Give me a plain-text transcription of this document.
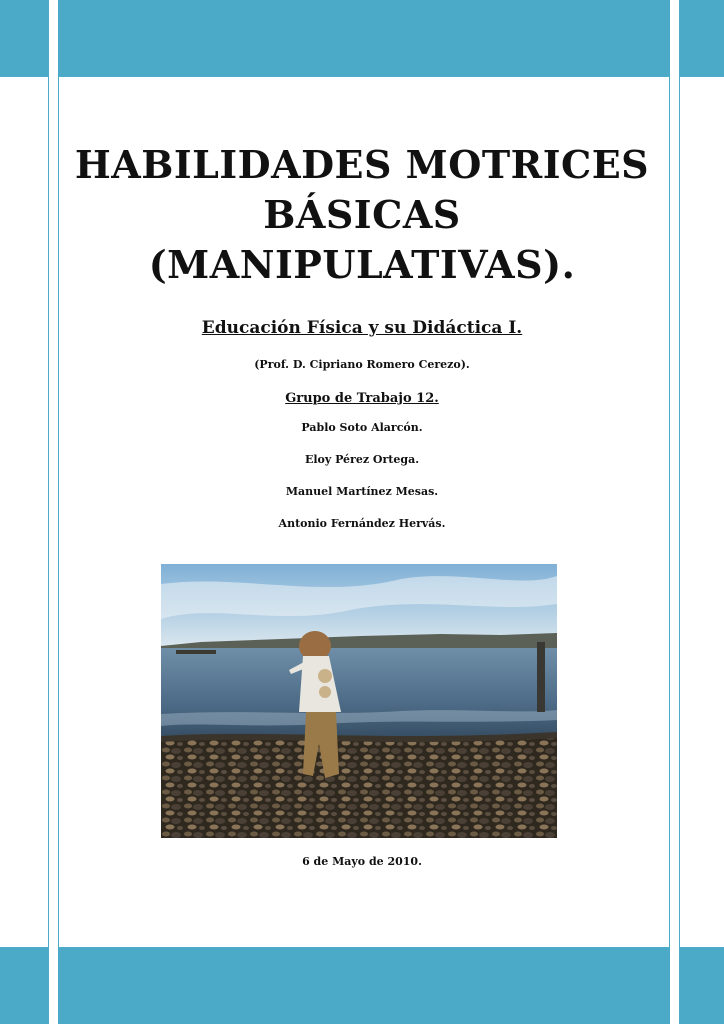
HABILIDADES MOTRICES
BÁSICAS
(MANIPULATIVAS).

Educación Física y su Didáctica I.

(Prof. D. Cipriano Romero Cerezo).

Grupo de Trabajo 12.

Pablo Soto Alarcón.
Eloy Pérez Ortega.
Manuel Martínez Mesas.
Antonio Fernández Hervás.
6 de Mayo de 2010.
